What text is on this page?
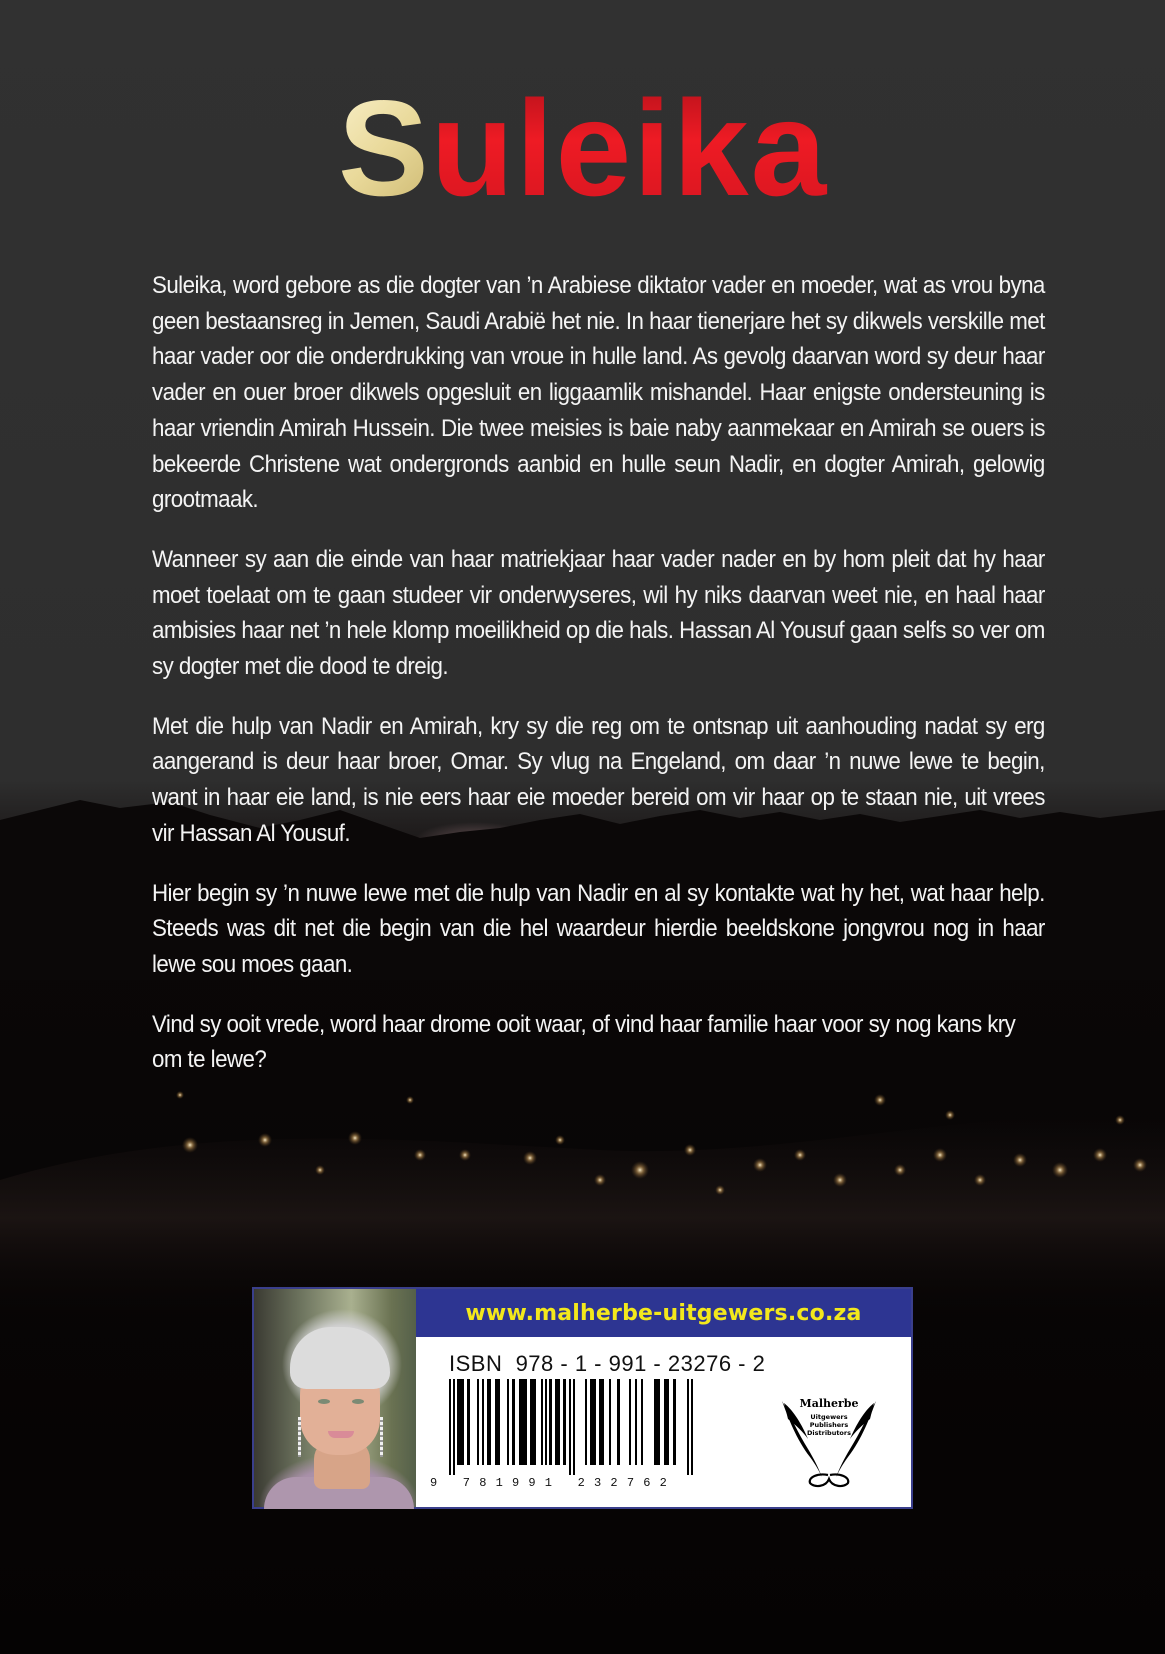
Suleika

Suleika, word gebore as die dogter van ’n Arabiese diktator vader en moeder, wat as vrou byna geen bestaansreg in Jemen, Saudi Arabië het nie. In haar tienerjare het sy dikwels verskille met haar vader oor die onderdrukking van vroue in hulle land. As gevolg daarvan word sy deur haar vader en ouer broer dikwels opgesluit en liggaamlik mishandel. Haar enigste ondersteuning is haar vriendin Amirah Hussein. Die twee meisies is baie naby aanmekaar en Amirah se ouers is bekeerde Christene wat ondergronds aanbid en hulle seun Nadir, en dogter Amirah, gelowig grootmaak.

Wanneer sy aan die einde van haar matriekjaar haar vader nader en by hom pleit dat hy haar moet toelaat om te gaan studeer vir onderwyseres, wil hy niks daarvan weet nie, en haal haar ambisies haar net ’n hele klomp moeilikheid op die hals. Hassan Al Yousuf gaan selfs so ver om sy dogter met die dood te dreig.

Met die hulp van Nadir en Amirah, kry sy die reg om te ontsnap uit aanhouding nadat sy erg aangerand is deur haar broer, Omar. Sy vlug na Engeland, om daar ’n nuwe lewe te begin, want in haar eie land, is nie eers haar eie moeder bereid om vir haar op te staan nie, uit vrees vir Hassan Al Yousuf.

Hier begin sy ’n nuwe lewe met die hulp van Nadir en al sy kontakte wat hy het, wat haar help. Steeds was dit net die begin van die hel waardeur hierdie beeldskone jongvrou nog in haar lewe sou moes gaan.

Vind sy ooit vrede, word haar drome ooit waar, of vind haar familie haar voor sy nog kans kry om te lewe?

www.malherbe-uitgewers.co.za
ISBN  978 - 1 - 991 - 23276 - 2
9 781991 232762
Malherbe
Uitgewers
Publishers
Distributors
